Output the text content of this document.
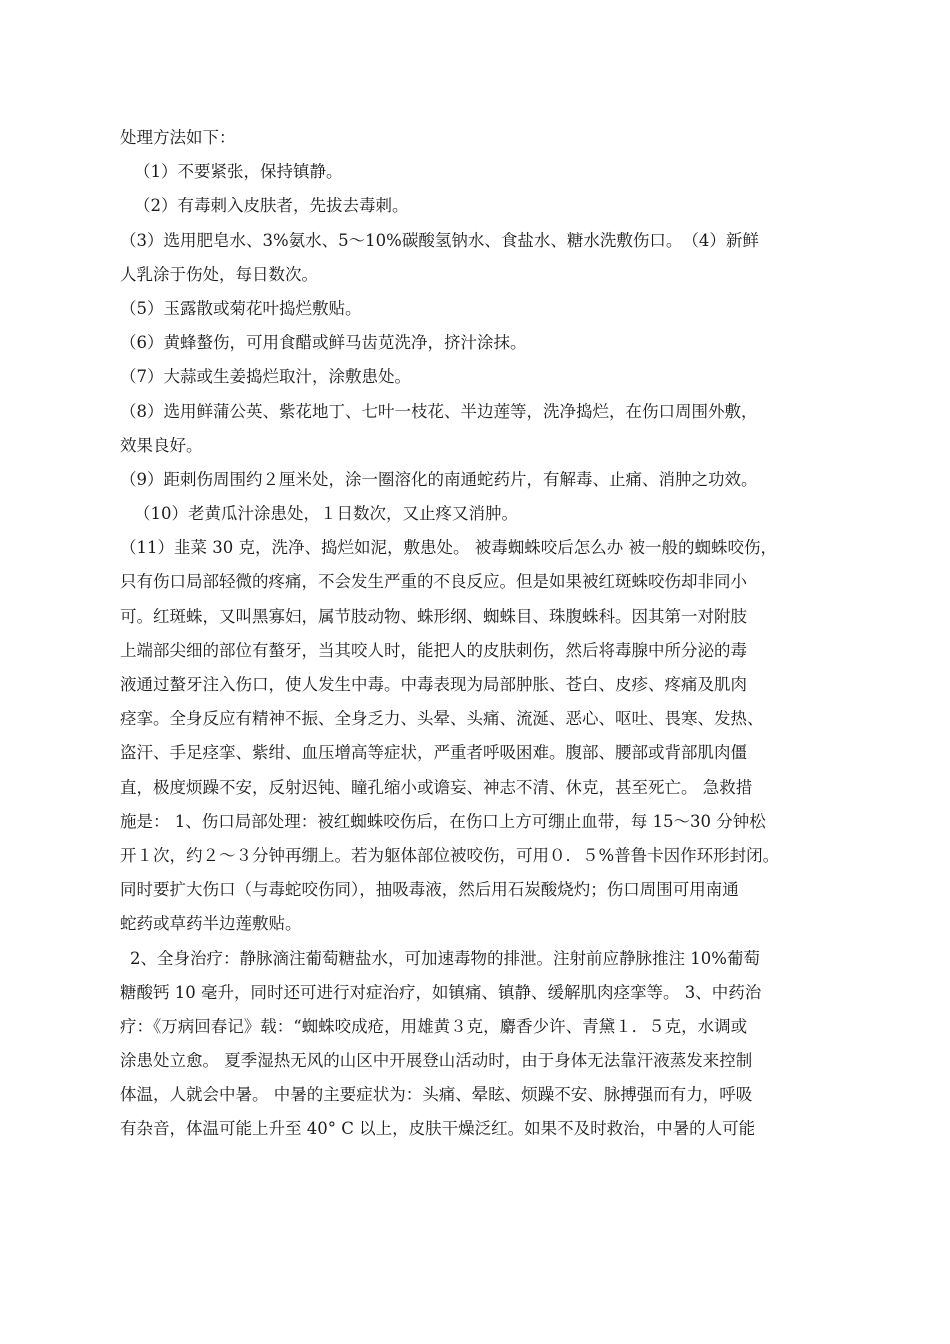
处理方法如下：
（1）不要紧张，保持镇静。
（2）有毒刺入皮肤者，先拔去毒刺。
（3）选用肥皂水、3%氨水、5～10%碳酸氢钠水、食盐水、糖水洗敷伤口。　（4）新鲜
人乳涂于伤处，每日数次。
（5）玉露散或菊花叶捣烂敷贴。
（6）黄蜂螯伤，可用食醋或鲜马齿苋洗净，挤汁涂抹。
（7）大蒜或生姜捣烂取汁，涂敷患处。
（8）选用鲜蒲公英、紫花地丁、七叶一枝花、半边莲等，洗净捣烂，在伤口周围外敷，
效果良好。
（9）距刺伤周围约２厘米处，涂一圈溶化的南通蛇药片，有解毒、止痛、消肿之功效。
（10）老黄瓜汁涂患处，１日数次，又止疼又消肿。
（11）韭菜 30 克，洗净、捣烂如泥，敷患处。 被毒蜘蛛咬后怎么办 被一般的蜘蛛咬伤，
只有伤口局部轻微的疼痛，不会发生严重的不良反应。但是如果被红斑蛛咬伤却非同小
可。红斑蛛，又叫黑寡妇，属节肢动物、蛛形纲、蜘蛛目、珠腹蛛科。因其第一对附肢
上端部尖细的部位有螯牙，当其咬人时，能把人的皮肤刺伤，然后将毒腺中所分泌的毒
液通过螯牙注入伤口，使人发生中毒。中毒表现为局部肿胀、苍白、皮疹、疼痛及肌肉
痉挛。全身反应有精神不振、全身乏力、头晕、头痛、流涎、恶心、呕吐、畏寒、发热、
盗汗、手足痉挛、紫绀、血压增高等症状，严重者呼吸困难。腹部、腰部或背部肌肉僵
直，极度烦躁不安，反射迟钝、瞳孔缩小或谵妄、神志不清、休克，甚至死亡。 急救措
施是： 1、伤口局部处理：被红蜘蛛咬伤后，在伤口上方可绷止血带，每 15～30 分钟松
开１次，约２～３分钟再绷上。若为躯体部位被咬伤，可用０．５%普鲁卡因作环形封闭。
同时要扩大伤口（与毒蛇咬伤同），抽吸毒液，然后用石炭酸烧灼；伤口周围可用南通
蛇药或草药半边莲敷贴。
2、全身治疗：静脉滴注葡萄糖盐水，可加速毒物的排泄。注射前应静脉推注 10%葡萄
糖酸钙 10 毫升，同时还可进行对症治疗，如镇痛、镇静、缓解肌肉痉挛等。 3、中药治
疗：《万病回春记》载：“蜘蛛咬成疮，用雄黄３克，麝香少许、青黛１．５克，水调或
涂患处立愈。 夏季湿热无风的山区中开展登山活动时，由于身体无法靠汗液蒸发来控制
体温，人就会中暑。 中暑的主要症状为：头痛、晕眩、烦躁不安、脉搏强而有力，呼吸
有杂音，体温可能上升至 40° C 以上，皮肤干燥泛红。如果不及时救治，中暑的人可能
